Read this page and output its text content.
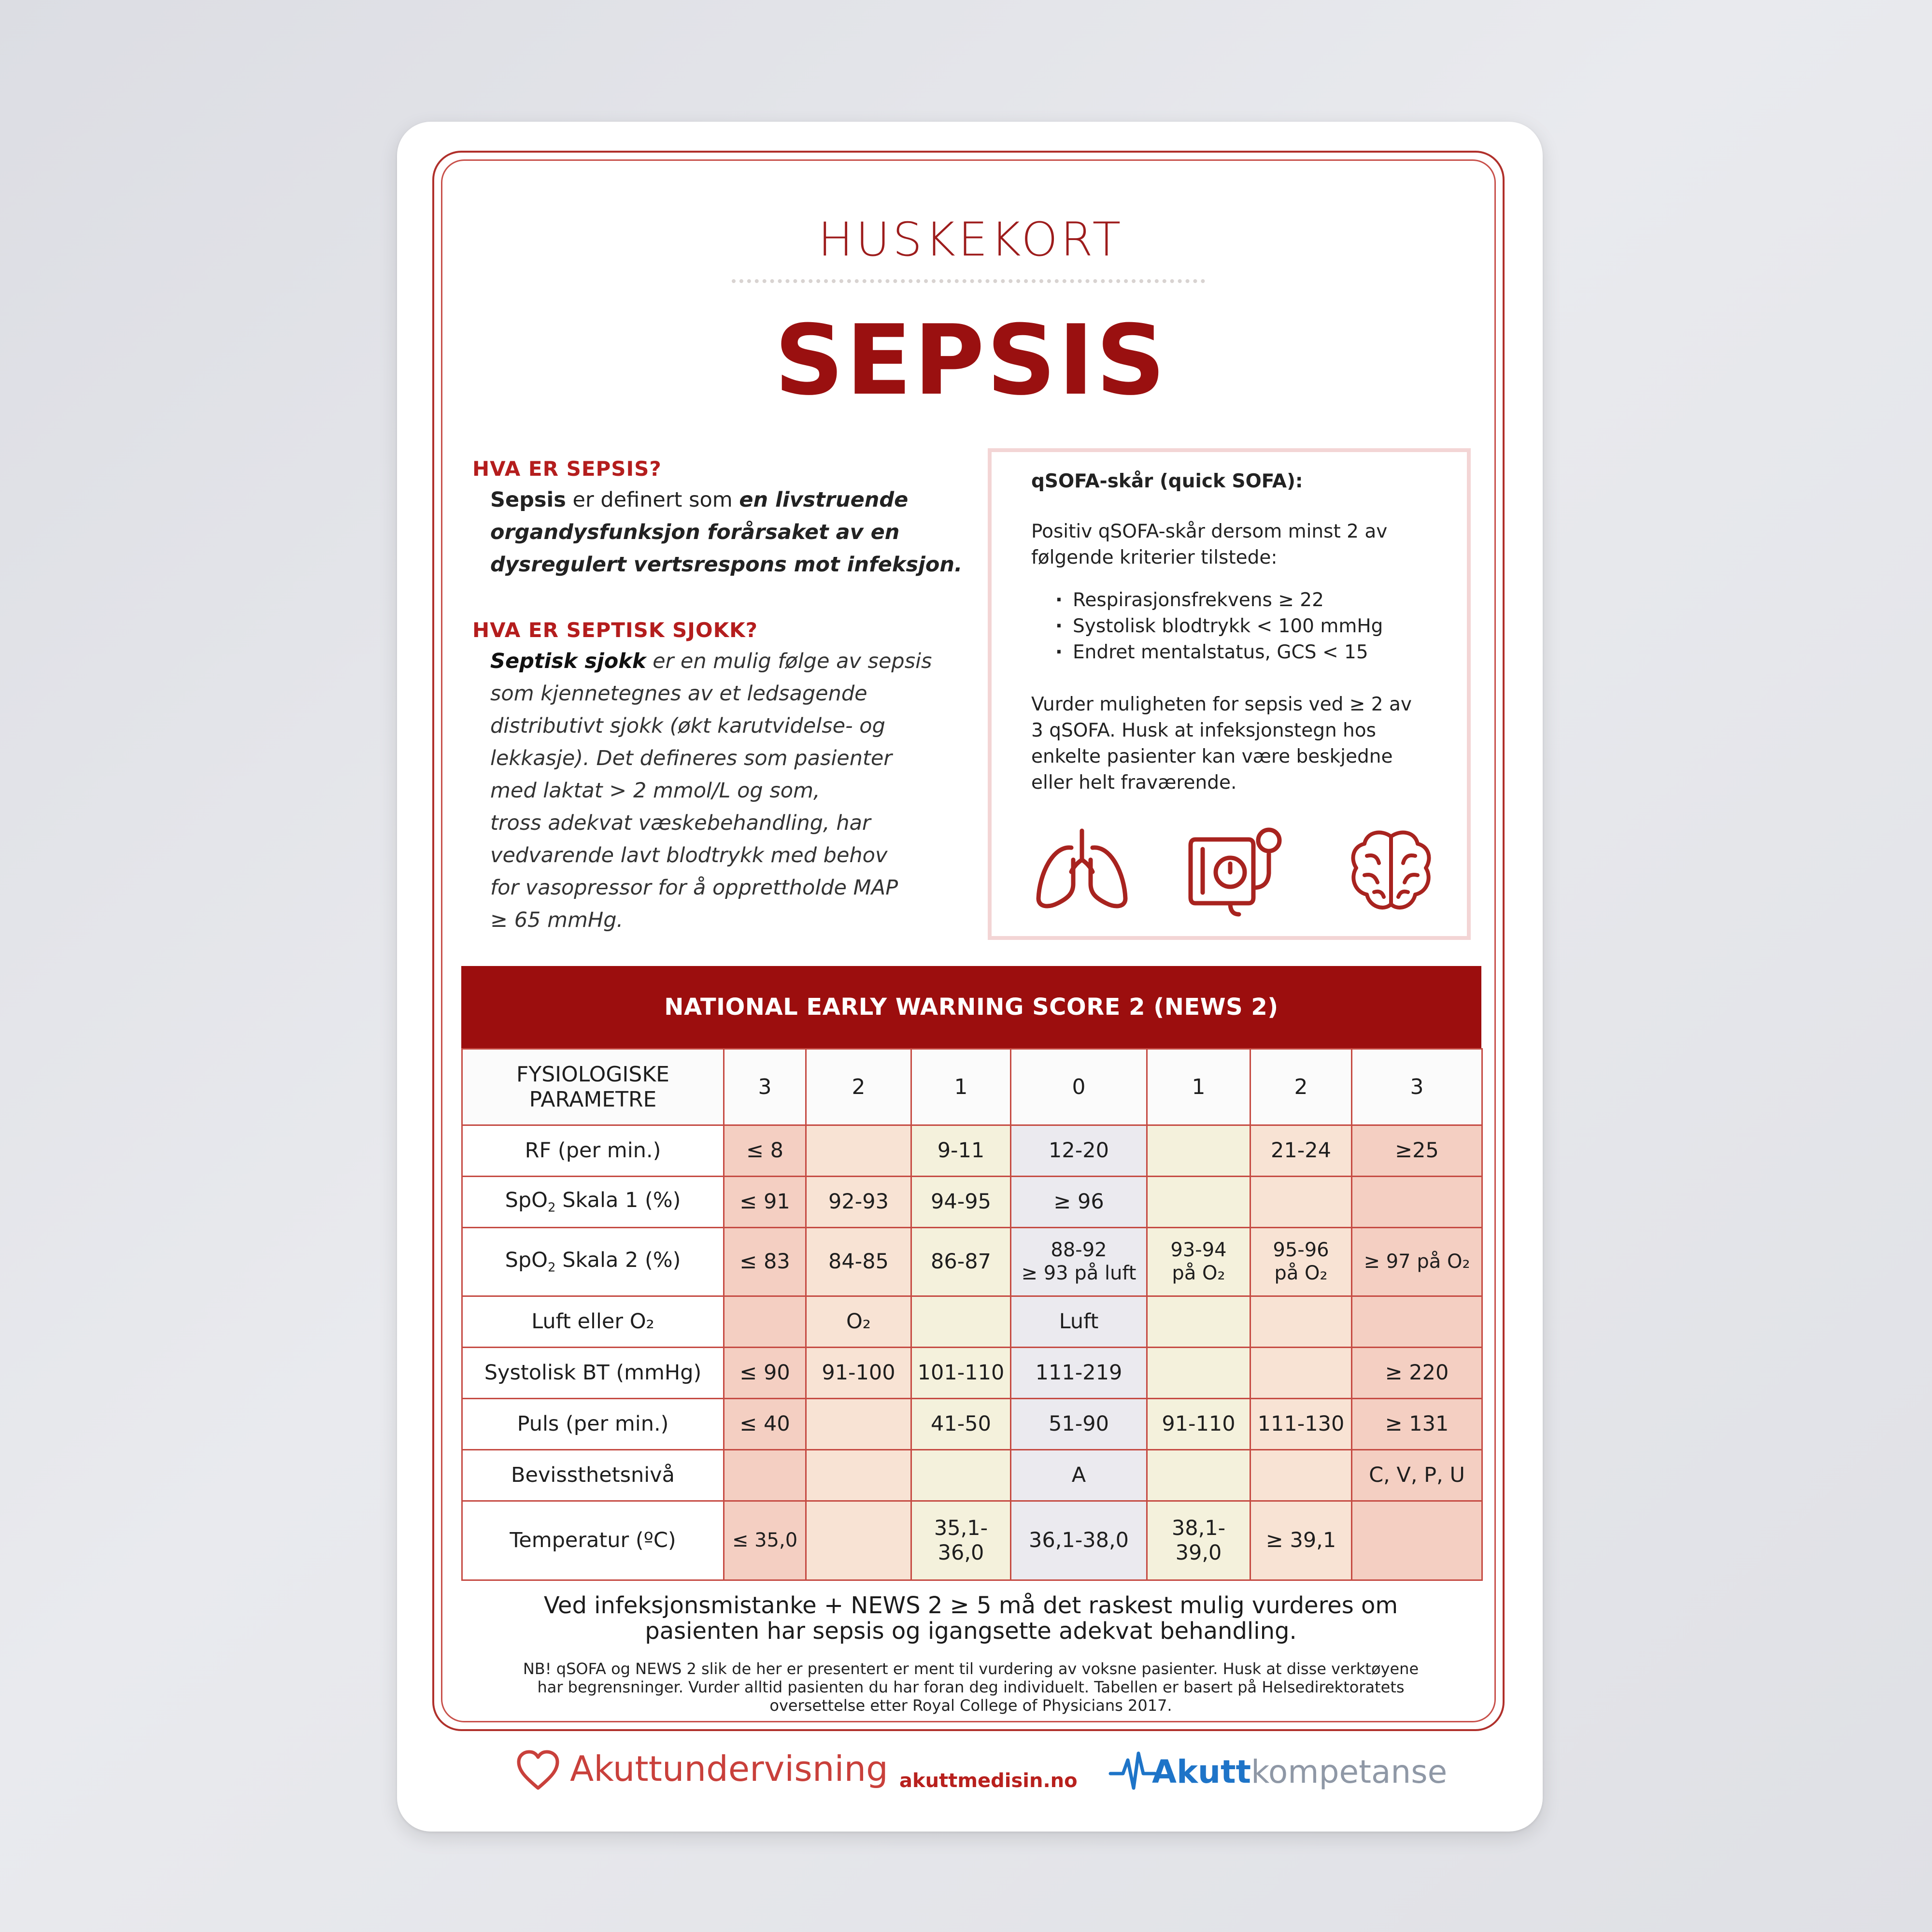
HUSKEKORT
SEPSIS
HVA ER SEPSIS?
Sepsis er definert som en livstruende
organdysfunksjon forårsaket av en
dysregulert vertsrespons mot infeksjon.
HVA ER SEPTISK SJOKK?
Septisk sjokk er en mulig følge av sepsis
som kjennetegnes av et ledsagende
distributivt sjokk (økt karutvidelse- og
lekkasje). Det defineres som pasienter
med laktat > 2 mmol/L og som,
tross adekvat væskebehandling, har
vedvarende lavt blodtrykk med behov
for vasopressor for å opprettholde MAP
≥ 65 mmHg.
qSOFA-skår (quick SOFA):
Positiv qSOFA-skår dersom minst 2 av
følgende kriterier tilstede:
· Respirasjonsfrekvens ≥ 22
· Systolisk blodtrykk < 100 mmHg
· Endret mentalstatus, GCS < 15
Vurder muligheten for sepsis ved ≥ 2 av
3 qSOFA. Husk at infeksjonstegn hos
enkelte pasienter kan være beskjedne
eller helt fraværende.
NATIONAL EARLY WARNING SCORE 2 (NEWS 2)
FYSIOLOGISKE
PARAMETRE	3	2	1	0	1	2	3
RF (per min.)	≤ 8		9-11	12-20		21-24	≥25
SpO$_2$ Skala 1 (%)	≤ 91	92-93	94-95	≥ 96			
SpO$_2$ Skala 2 (%)	≤ 83	84-85	86-87	88-92
≥ 93 på luft	93-94
på O₂	95-96
på O₂	≥ 97 på O₂
Luft eller O₂		O₂		Luft			
Systolisk BT (mmHg)	≤ 90	91-100	101-110	111-219			≥ 220
Puls (per min.)	≤ 40		41-50	51-90	91-110	111-130	≥ 131
Bevissthetsnivå				A			C, V, P, U
Temperatur (ºC)	≤ 35,0		35,1-
36,0	36,1-38,0	38,1-
39,0	≥ 39,1	
Ved infeksjonsmistanke + NEWS 2 ≥ 5 må det raskest mulig vurderes om
pasienten har sepsis og igangsette adekvat behandling.
NB! qSOFA og NEWS 2 slik de her er presentert er ment til vurdering av voksne pasienter. Husk at disse verktøyene
har begrensninger. Vurder alltid pasienten du har foran deg individuelt. Tabellen er basert på Helsedirektoratets
oversettelse etter Royal College of Physicians 2017.
Akuttundervisning akuttmedisin.no Akuttkompetanse
